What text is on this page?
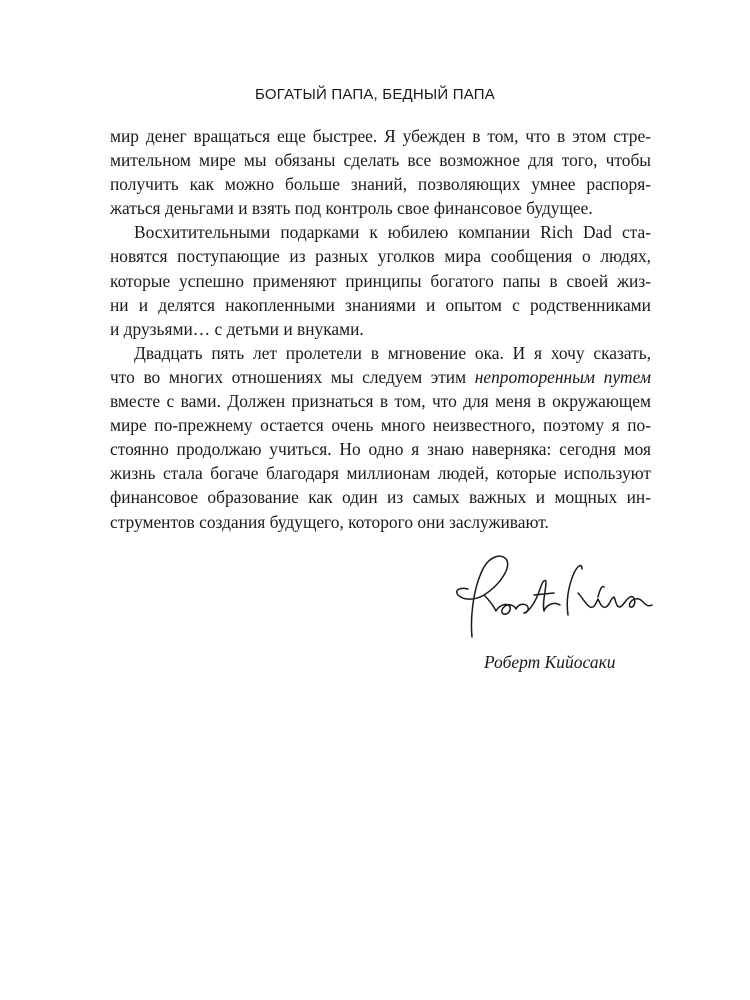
БОГАТЫЙ ПАПА, БЕДНЫЙ ПАПА
мир денег вращаться еще быстрее. Я убежден в том, что в этом стре-
мительном мире мы обязаны сделать все возможное для того, чтобы
получить как можно больше знаний, позволяющих умнее распоря-
жаться деньгами и взять под контроль свое финансовое будущее.
Восхитительными подарками к юбилею компании Rich Dad ста-
новятся поступающие из разных уголков мира сообщения о людях,
которые успешно применяют принципы богатого папы в своей жиз-
ни и делятся накопленными знаниями и опытом с родственниками
и друзьями… с детьми и внуками.
Двадцать пять лет пролетели в мгновение ока. И я хочу сказать,
что во многих отношениях мы следуем этим непроторенным путем
вместе с вами. Должен признаться в том, что для меня в окружающем
мире по-прежнему остается очень много неизвестного, поэтому я по-
стоянно продолжаю учиться. Но одно я знаю наверняка: сегодня моя
жизнь стала богаче благодаря миллионам людей, которые используют
финансовое образование как один из самых важных и мощных ин-
струментов создания будущего, которого они заслуживают.
Роберт Кийосаки
